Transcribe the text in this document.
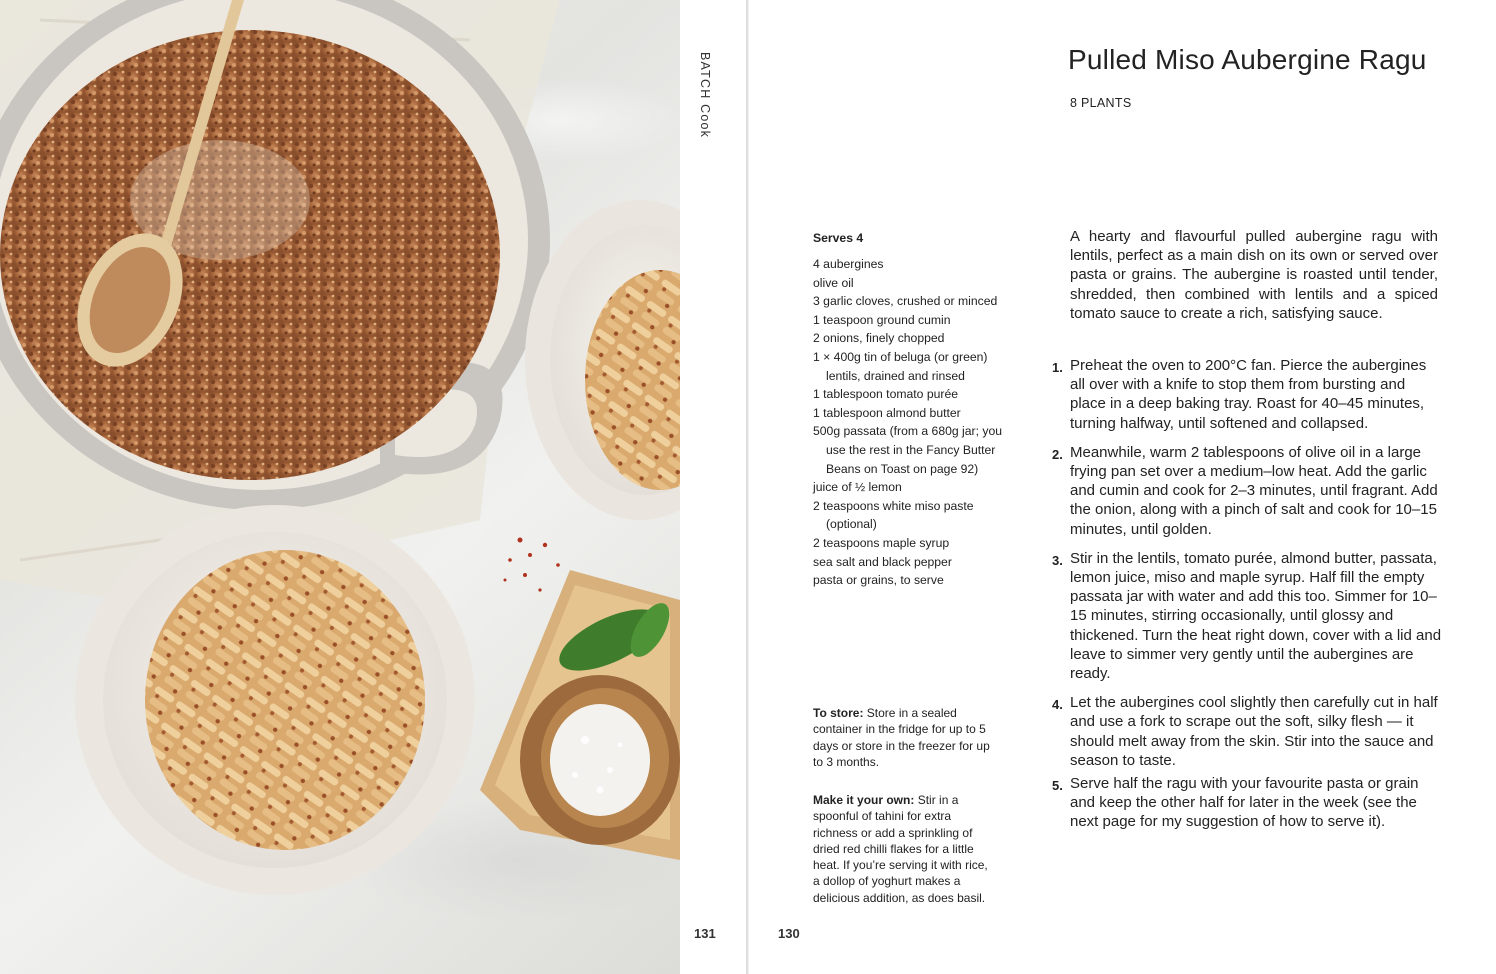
BATCH Cook
131	130
Pulled Miso Aubergine Ragu
8 PLANTS
Serves 4
4 aubergines
olive oil
3 garlic cloves, crushed or minced
1 teaspoon ground cumin
2 onions, finely chopped
1 × 400g tin of beluga (or green) lentils, drained and rinsed
1 tablespoon tomato purée
1 tablespoon almond butter
500g passata (from a 680g jar; you use the rest in the Fancy Butter Beans on Toast on page 92)
juice of ½ lemon
2 teaspoons white miso paste (optional)
2 teaspoons maple syrup
sea salt and black pepper
pasta or grains, to serve
To store: Store in a sealed container in the fridge for up to 5 days or store in the freezer for up to 3 months.
Make it your own: Stir in a spoonful of tahini for extra richness or add a sprinkling of dried red chilli flakes for a little heat. If you’re serving it with rice, a dollop of yoghurt makes a delicious addition, as does basil.

A hearty and flavourful pulled aubergine ragu with lentils, perfect as a main dish on its own or served over pasta or grains. The aubergine is roasted until tender, shredded, then combined with lentils and a spiced tomato sauce to create a rich, satisfying sauce.

1. Preheat the oven to 200°C fan. Pierce the aubergines all over with a knife to stop them from bursting and place in a deep baking tray. Roast for 40–45 minutes, turning halfway, until softened and collapsed.
2. Meanwhile, warm 2 tablespoons of olive oil in a large frying pan set over a medium–low heat. Add the garlic and cumin and cook for 2–3 minutes, until fragrant. Add the onion, along with a pinch of salt and cook for 10–15 minutes, until golden.
3. Stir in the lentils, tomato purée, almond butter, passata, lemon juice, miso and maple syrup. Half fill the empty passata jar with water and add this too. Simmer for 10–15 minutes, stirring occasionally, until glossy and thickened. Turn the heat right down, cover with a lid and leave to simmer very gently until the aubergines are ready.
4. Let the aubergines cool slightly then carefully cut in half and use a fork to scrape out the soft, silky flesh — it should melt away from the skin. Stir into the sauce and season to taste.
5. Serve half the ragu with your favourite pasta or grain and keep the other half for later in the week (see the next page for my suggestion of how to serve it).
